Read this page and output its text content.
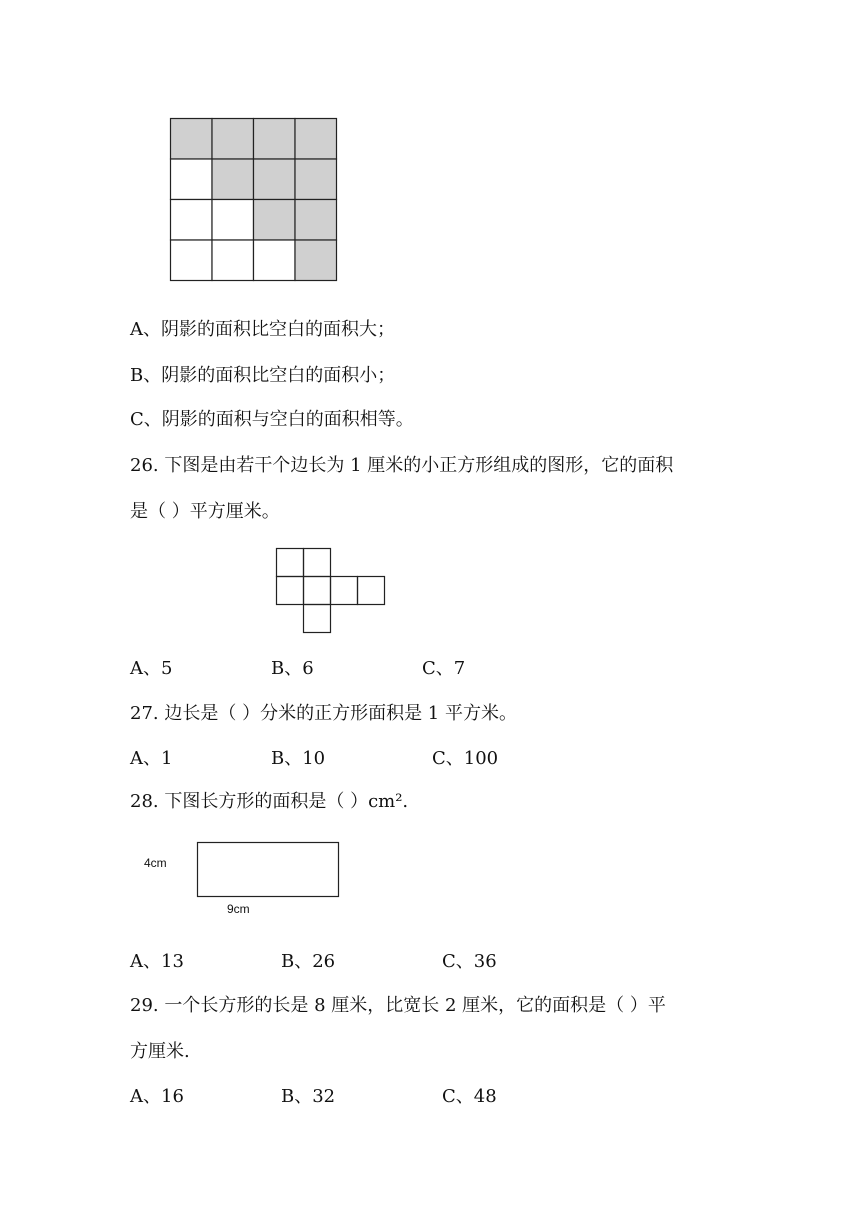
A、阴影的面积比空白的面积大；
B、阴影的面积比空白的面积小；
C、阴影的面积与空白的面积相等。
26. 下图是由若干个边长为 1 厘米的小正方形组成的图形，它的面积
是（ ）平方厘米。
A、5	B、6	C、7
27. 边长是（ ）分米的正方形面积是 1 平方米。
A、1	B、10	C、100
28. 下图长方形的面积是（ ）cm².
4cm
9cm
A、13	B、26	C、36
29. 一个长方形的长是 8 厘米，比宽长 2 厘米，它的面积是（ ）平
方厘米.
A、16	B、32	C、48
